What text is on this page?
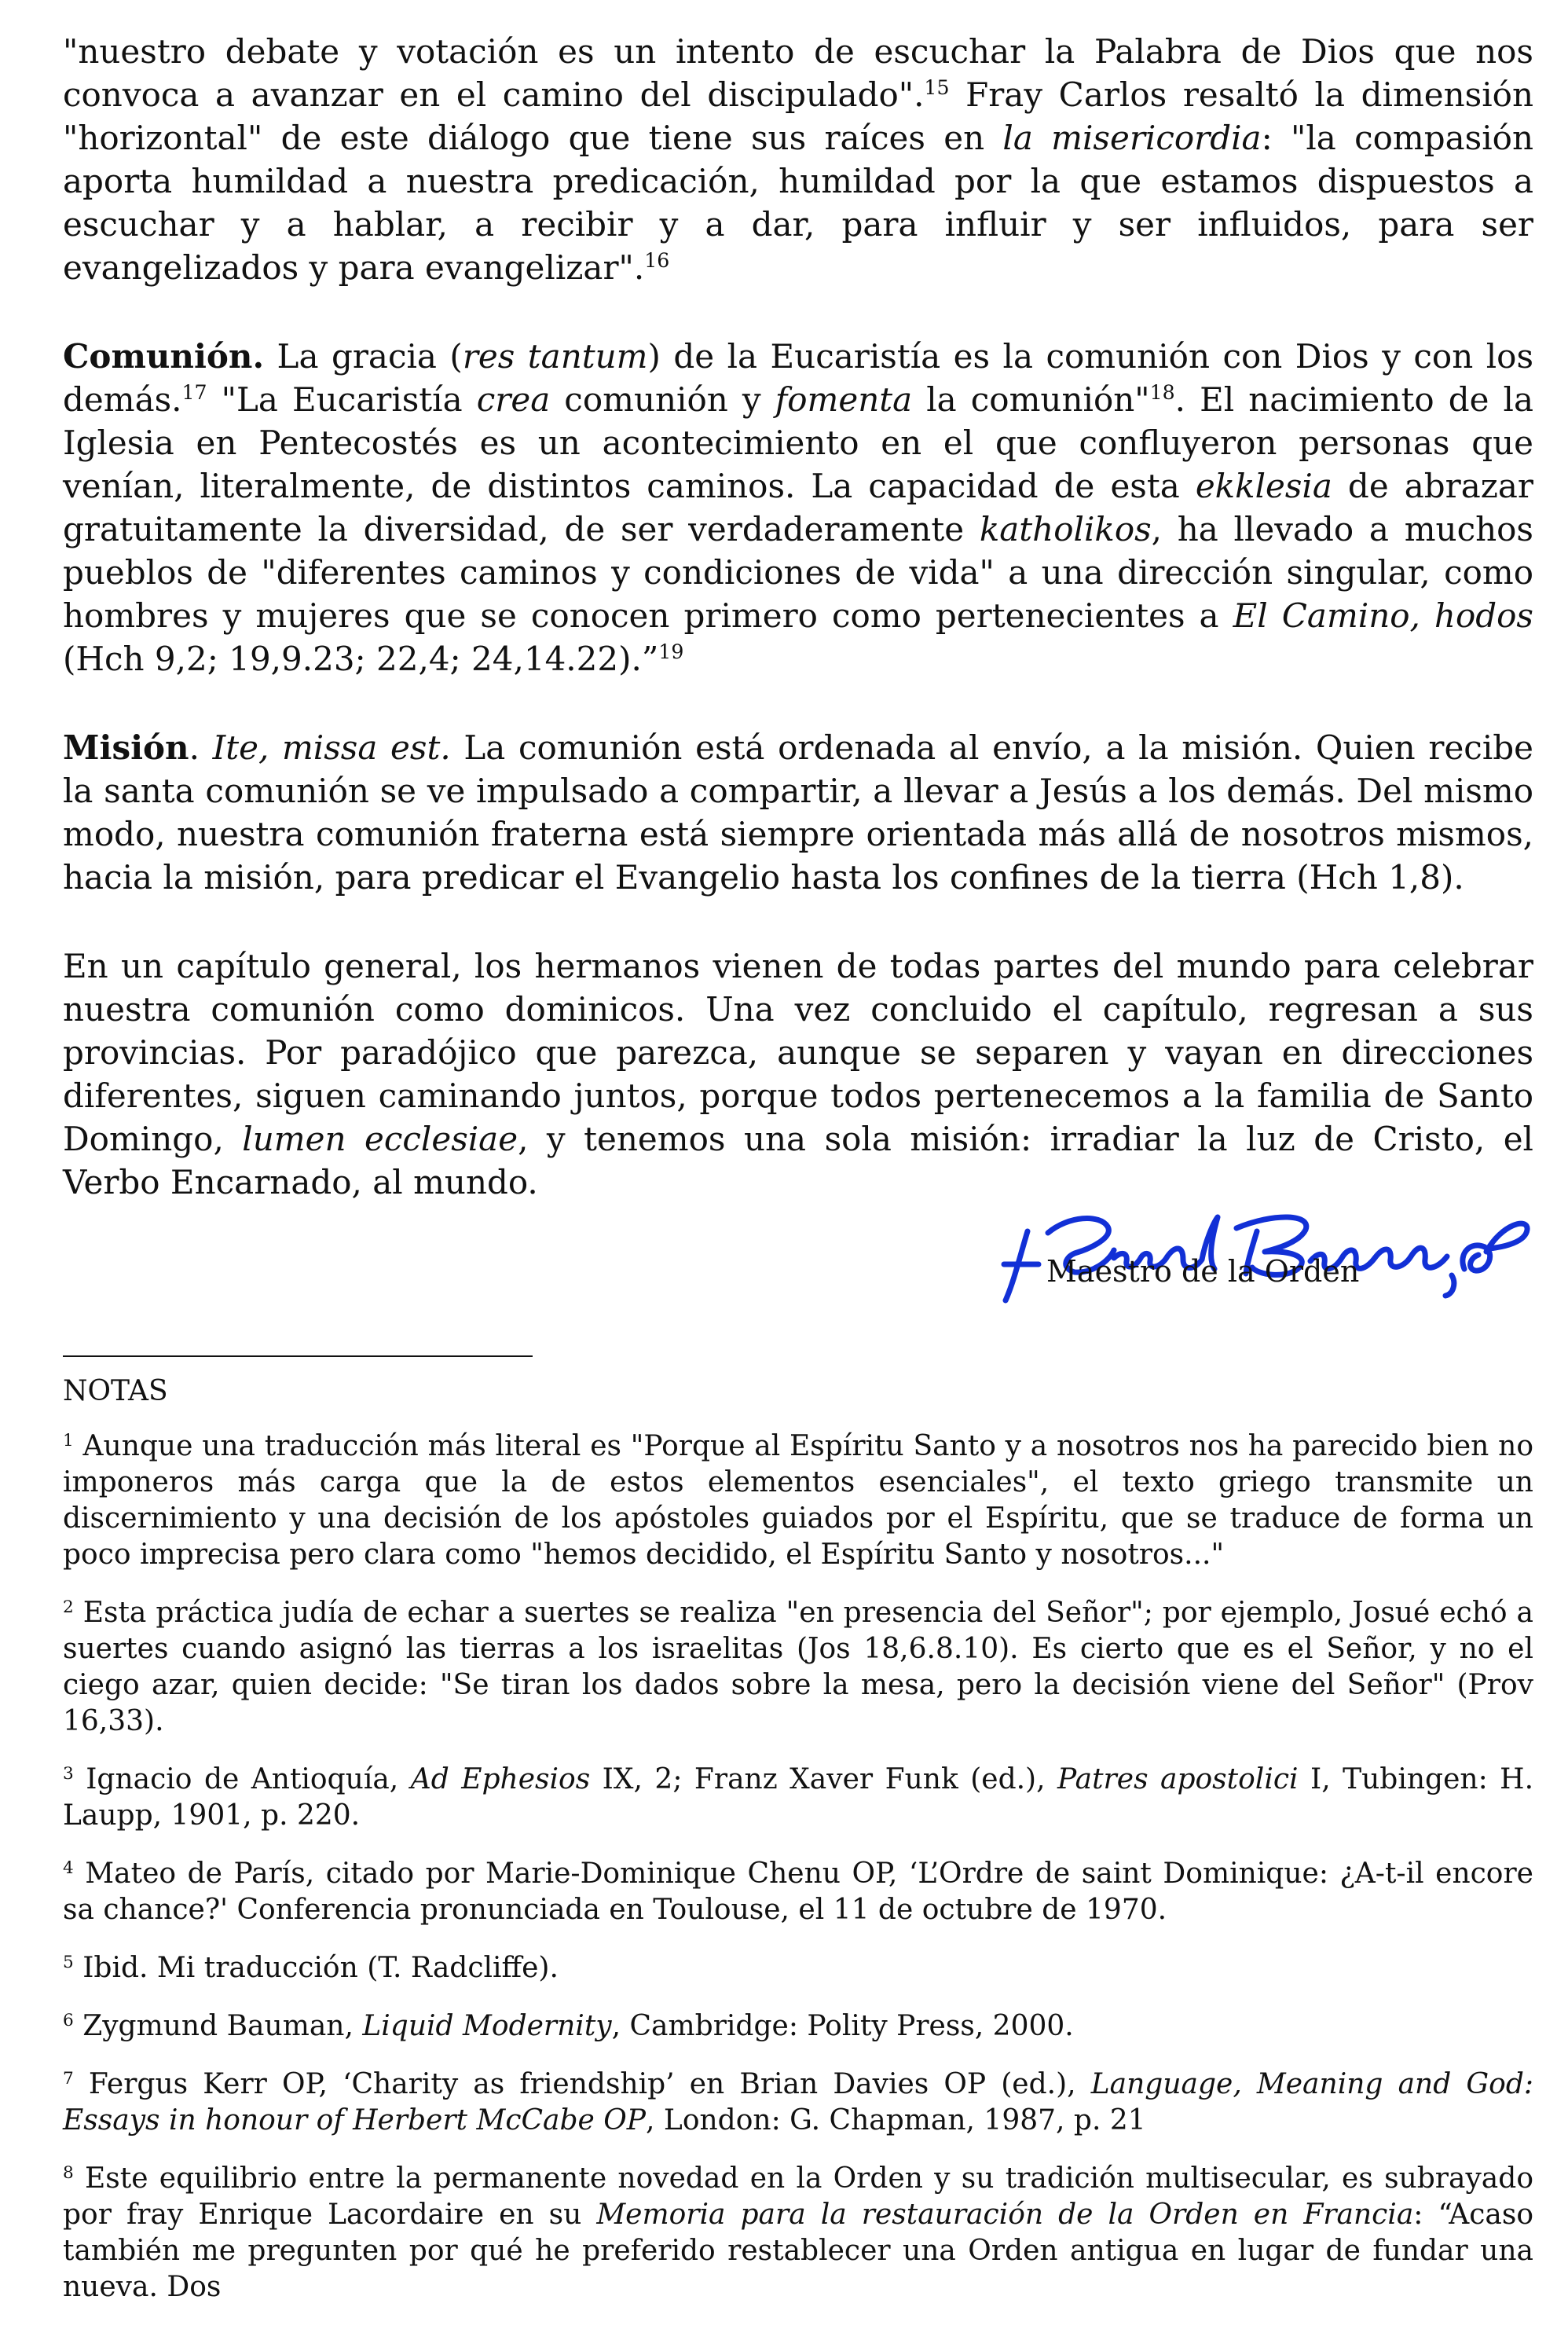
"nuestro debate y votación es un intento de escuchar la Palabra de Dios que nos convoca a avanzar en el camino del discipulado".$^{15}$ Fray Carlos resaltó la dimensión "horizontal" de este diálogo que tiene sus raíces en la misericordia: "la compasión aporta humildad a nuestra predicación, humildad por la que estamos dispuestos a escuchar y a hablar, a recibir y a dar, para influir y ser influidos, para ser evangelizados y para evangelizar".$^{16}$

Comunión. La gracia (res tantum) de la Eucaristía es la comunión con Dios y con los demás.$^{17}$ "La Eucaristía crea comunión y fomenta la comunión"$^{18}$. El nacimiento de la Iglesia en Pentecostés es un acontecimiento en el que confluyeron personas que venían, literalmente, de distintos caminos. La capacidad de esta ekklesia de abrazar gratuitamente la diversidad, de ser verdaderamente katholikos, ha llevado a muchos pueblos de "diferentes caminos y condiciones de vida" a una dirección singular, como hombres y mujeres que se conocen primero como pertenecientes a El Camino, hodos (Hch 9,2; 19,9.23; 22,4; 24,14.22).”$^{19}$

Misión. Ite, missa est. La comunión está ordenada al envío, a la misión. Quien recibe la santa comunión se ve impulsado a compartir, a llevar a Jesús a los demás. Del mismo modo, nuestra comunión fraterna está siempre orientada más allá de nosotros mismos, hacia la misión, para predicar el Evangelio hasta los confines de la tierra (Hch 1,8).

En un capítulo general, los hermanos vienen de todas partes del mundo para celebrar nuestra comunión como dominicos. Una vez concluido el capítulo, regresan a sus provincias. Por paradójico que parezca, aunque se separen y vayan en direcciones diferentes, siguen caminando juntos, porque todos pertenecemos a la familia de Santo Domingo, lumen ecclesiae, y tenemos una sola misión: irradiar la luz de Cristo, el Verbo Encarnado, al mundo.

Maestro de la Orden
NOTAS

$^1$ Aunque una traducción más literal es "Porque al Espíritu Santo y a nosotros nos ha parecido bien no imponeros más carga que la de estos elementos esenciales", el texto griego transmite un discernimiento y una decisión de los apóstoles guiados por el Espíritu, que se traduce de forma un poco imprecisa pero clara como "hemos decidido, el Espíritu Santo y nosotros..."

$^2$ Esta práctica judía de echar a suertes se realiza "en presencia del Señor"; por ejemplo, Josué echó a suertes cuando asignó las tierras a los israelitas (Jos 18,6.8.10). Es cierto que es el Señor, y no el ciego azar, quien decide: "Se tiran los dados sobre la mesa, pero la decisión viene del Señor" (Prov 16,33).

$^3$ Ignacio de Antioquía, Ad Ephesios IX, 2; Franz Xaver Funk (ed.), Patres apostolici I, Tubingen: H. Laupp, 1901, p. 220.

$^4$ Mateo de París, citado por Marie-Dominique Chenu OP, ‘L’Ordre de saint Dominique: ¿A-t-il encore sa chance?' Conferencia pronunciada en Toulouse, el 11 de octubre de 1970.

$^5$ Ibid. Mi traducción (T. Radcliffe).

$^6$ Zygmund Bauman, Liquid Modernity, Cambridge: Polity Press, 2000.

$^7$ Fergus Kerr OP, ‘Charity as friendship’ en Brian Davies OP (ed.), Language, Meaning and God: Essays in honour of Herbert McCabe OP, London: G. Chapman, 1987, p. 21

$^8$ Este equilibrio entre la permanente novedad en la Orden y su tradición multisecular, es subrayado por fray Enrique Lacordaire en su Memoria para la restauración de la Orden en Francia: “Acaso también me pregunten por qué he preferido restablecer una Orden antigua en lugar de fundar una nueva. Dos
